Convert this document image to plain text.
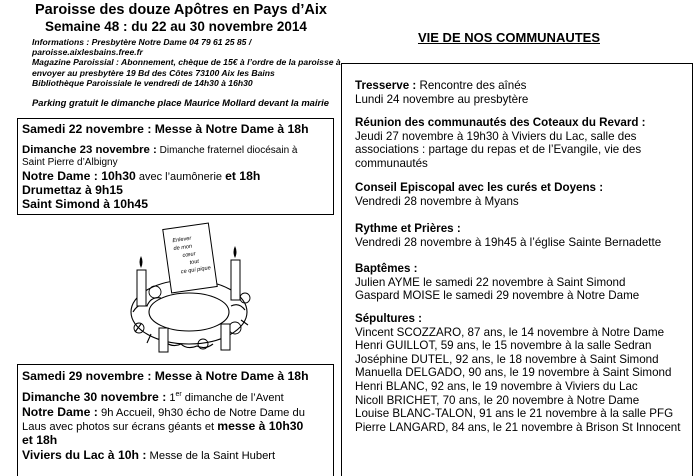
Paroisse des douze Apôtres en Pays d’Aix
Semaine 48 : du 22 au 30 novembre 2014
Informations : Presbytère Notre Dame 04 79 61 25 85 /
paroisse.aixlesbains.free.fr
Magazine Paroissial : Abonnement, chèque de 15€ à l’ordre de la paroisse à
envoyer au presbytère 19 Bd des Côtes 73100 Aix les Bains
Bibliothèque Paroissiale le vendredi de 14h30 à 16h30
Parking gratuit le dimanche place Maurice Mollard devant la mairie
Samedi 22 novembre : Messe à Notre Dame à 18h
Dimanche 23 novembre : Dimanche fraternel diocésain à
Saint Pierre d’Albigny
Notre Dame : 10h30 avec l’aumônerie et 18h
Drumettaz à 9h15
Saint Simond à 10h45
Enlever
de mon
cœur
tout
ce qui pique
Samedi 29 novembre : Messe à Notre Dame à 18h
Dimanche 30 novembre : 1er dimanche de l’Avent
Notre Dame : 9h Accueil, 9h30 écho de Notre Dame du
Laus avec photos sur écrans géants et messe à 10h30
et 18h
Viviers du Lac à 10h : Messe de la Saint Hubert
VIE DE NOS COMMUNAUTES
Tresserve : Rencontre des aînés
Lundi 24 novembre au presbytère
Réunion des communautés des Coteaux du Revard :
Jeudi 27 novembre à 19h30 à Viviers du Lac, salle des
associations : partage du repas et de l’Evangile, vie des
communautés
Conseil Episcopal avec les curés et Doyens :
Vendredi 28 novembre à Myans
Rythme et Prières :
Vendredi 28 novembre à 19h45 à l’église Sainte Bernadette
Baptêmes :
Julien AYME le samedi 22 novembre à Saint Simond
Gaspard MOISE le samedi 29 novembre à Notre Dame
Sépultures :
Vincent SCOZZARO, 87 ans, le 14 novembre à Notre Dame
Henri GUILLOT, 59 ans, le 15 novembre à la salle Sedran
Joséphine DUTEL, 92 ans, le 18 novembre à Saint Simond
Manuella DELGADO, 90 ans, le 19 novembre à Saint Simond
Henri BLANC, 92 ans, le 19 novembre à Viviers du Lac
Nicoll BRICHET, 70 ans, le 20 novembre à Notre Dame
Louise BLANC-TALON, 91 ans le 21 novembre à la salle PFG
Pierre LANGARD, 84 ans, le 21 novembre à Brison St Innocent
